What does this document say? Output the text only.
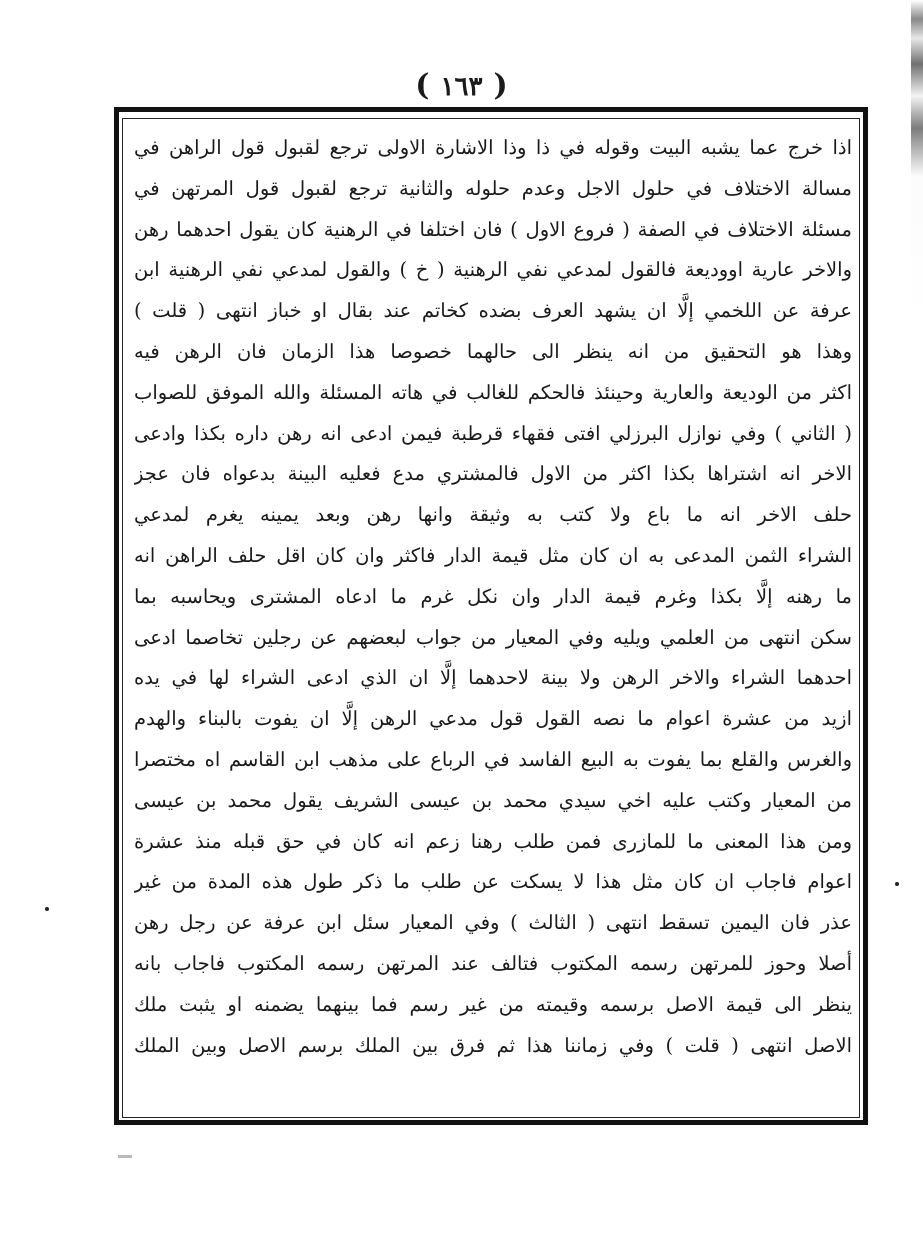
( ١٦٣ )
اذا خرج عما يشبه البيت وقوله في ذا وذا الاشارة الاولى ترجع لقبول قول الراهن في
مسالة الاختلاف في حلول الاجل وعدم حلوله والثانية ترجع لقبول قول المرتهن في
مسئلة الاختلاف في الصفة ( فروع الاول ) فان اختلفا في الرهنية كان يقول احدهما رهن
والاخر عارية اووديعة فالقول لمدعي نفي الرهنية ( خ ) والقول لمدعي نفي الرهنية ابن
عرفة عن اللخمي إلَّا ان يشهد العرف بضده كخاتم عند بقال او خباز انتهى ( قلت )
وهذا هو التحقيق من انه ينظر الى حالهما خصوصا هذا الزمان فان الرهن فيه
اكثر من الوديعة والعارية وحينئذ فالحكم للغالب في هاته المسئلة والله الموفق للصواب
( الثاني ) وفي نوازل البرزلي افتى فقهاء قرطبة فيمن ادعى انه رهن داره بكذا وادعى
الاخر انه اشتراها بكذا اكثر من الاول فالمشتري مدع فعليه البينة بدعواه فان عجز
حلف الاخر انه ما باع ولا كتب به وثيقة وانها رهن وبعد يمينه يغرم لمدعي
الشراء الثمن المدعى به ان كان مثل قيمة الدار فاكثر وان كان اقل حلف الراهن انه
ما رهنه إلَّا بكذا وغرم قيمة الدار وان نكل غرم ما ادعاه المشترى ويحاسبه بما
سكن انتهى من العلمي ويليه وفي المعيار من جواب لبعضهم عن رجلين تخاصما ادعى
احدهما الشراء والاخر الرهن ولا بينة لاحدهما إلَّا ان الذي ادعى الشراء لها في يده
ازيد من عشرة اعوام ما نصه القول قول مدعي الرهن إلَّا ان يفوت بالبناء والهدم
والغرس والقلع بما يفوت به البيع الفاسد في الرباع على مذهب ابن القاسم اه مختصرا
من المعيار وكتب عليه اخي سيدي محمد بن عيسى الشريف يقول محمد بن عيسى
ومن هذا المعنى ما للمازرى فمن طلب رهنا زعم انه كان في حق قبله منذ عشرة
اعوام فاجاب ان كان مثل هذا لا يسكت عن طلب ما ذكر طول هذه المدة من غير
عذر فان اليمين تسقط انتهى ( الثالث ) وفي المعيار سئل ابن عرفة عن رجل رهن
أصلا وحوز للمرتهن رسمه المكتوب فتالف عند المرتهن رسمه المكتوب فاجاب بانه
ينظر الى قيمة الاصل برسمه وقيمته من غير رسم فما بينهما يضمنه او يثبت ملك
الاصل انتهى ( قلت ) وفي زماننا هذا ثم فرق بين الملك برسم الاصل وبين الملك
